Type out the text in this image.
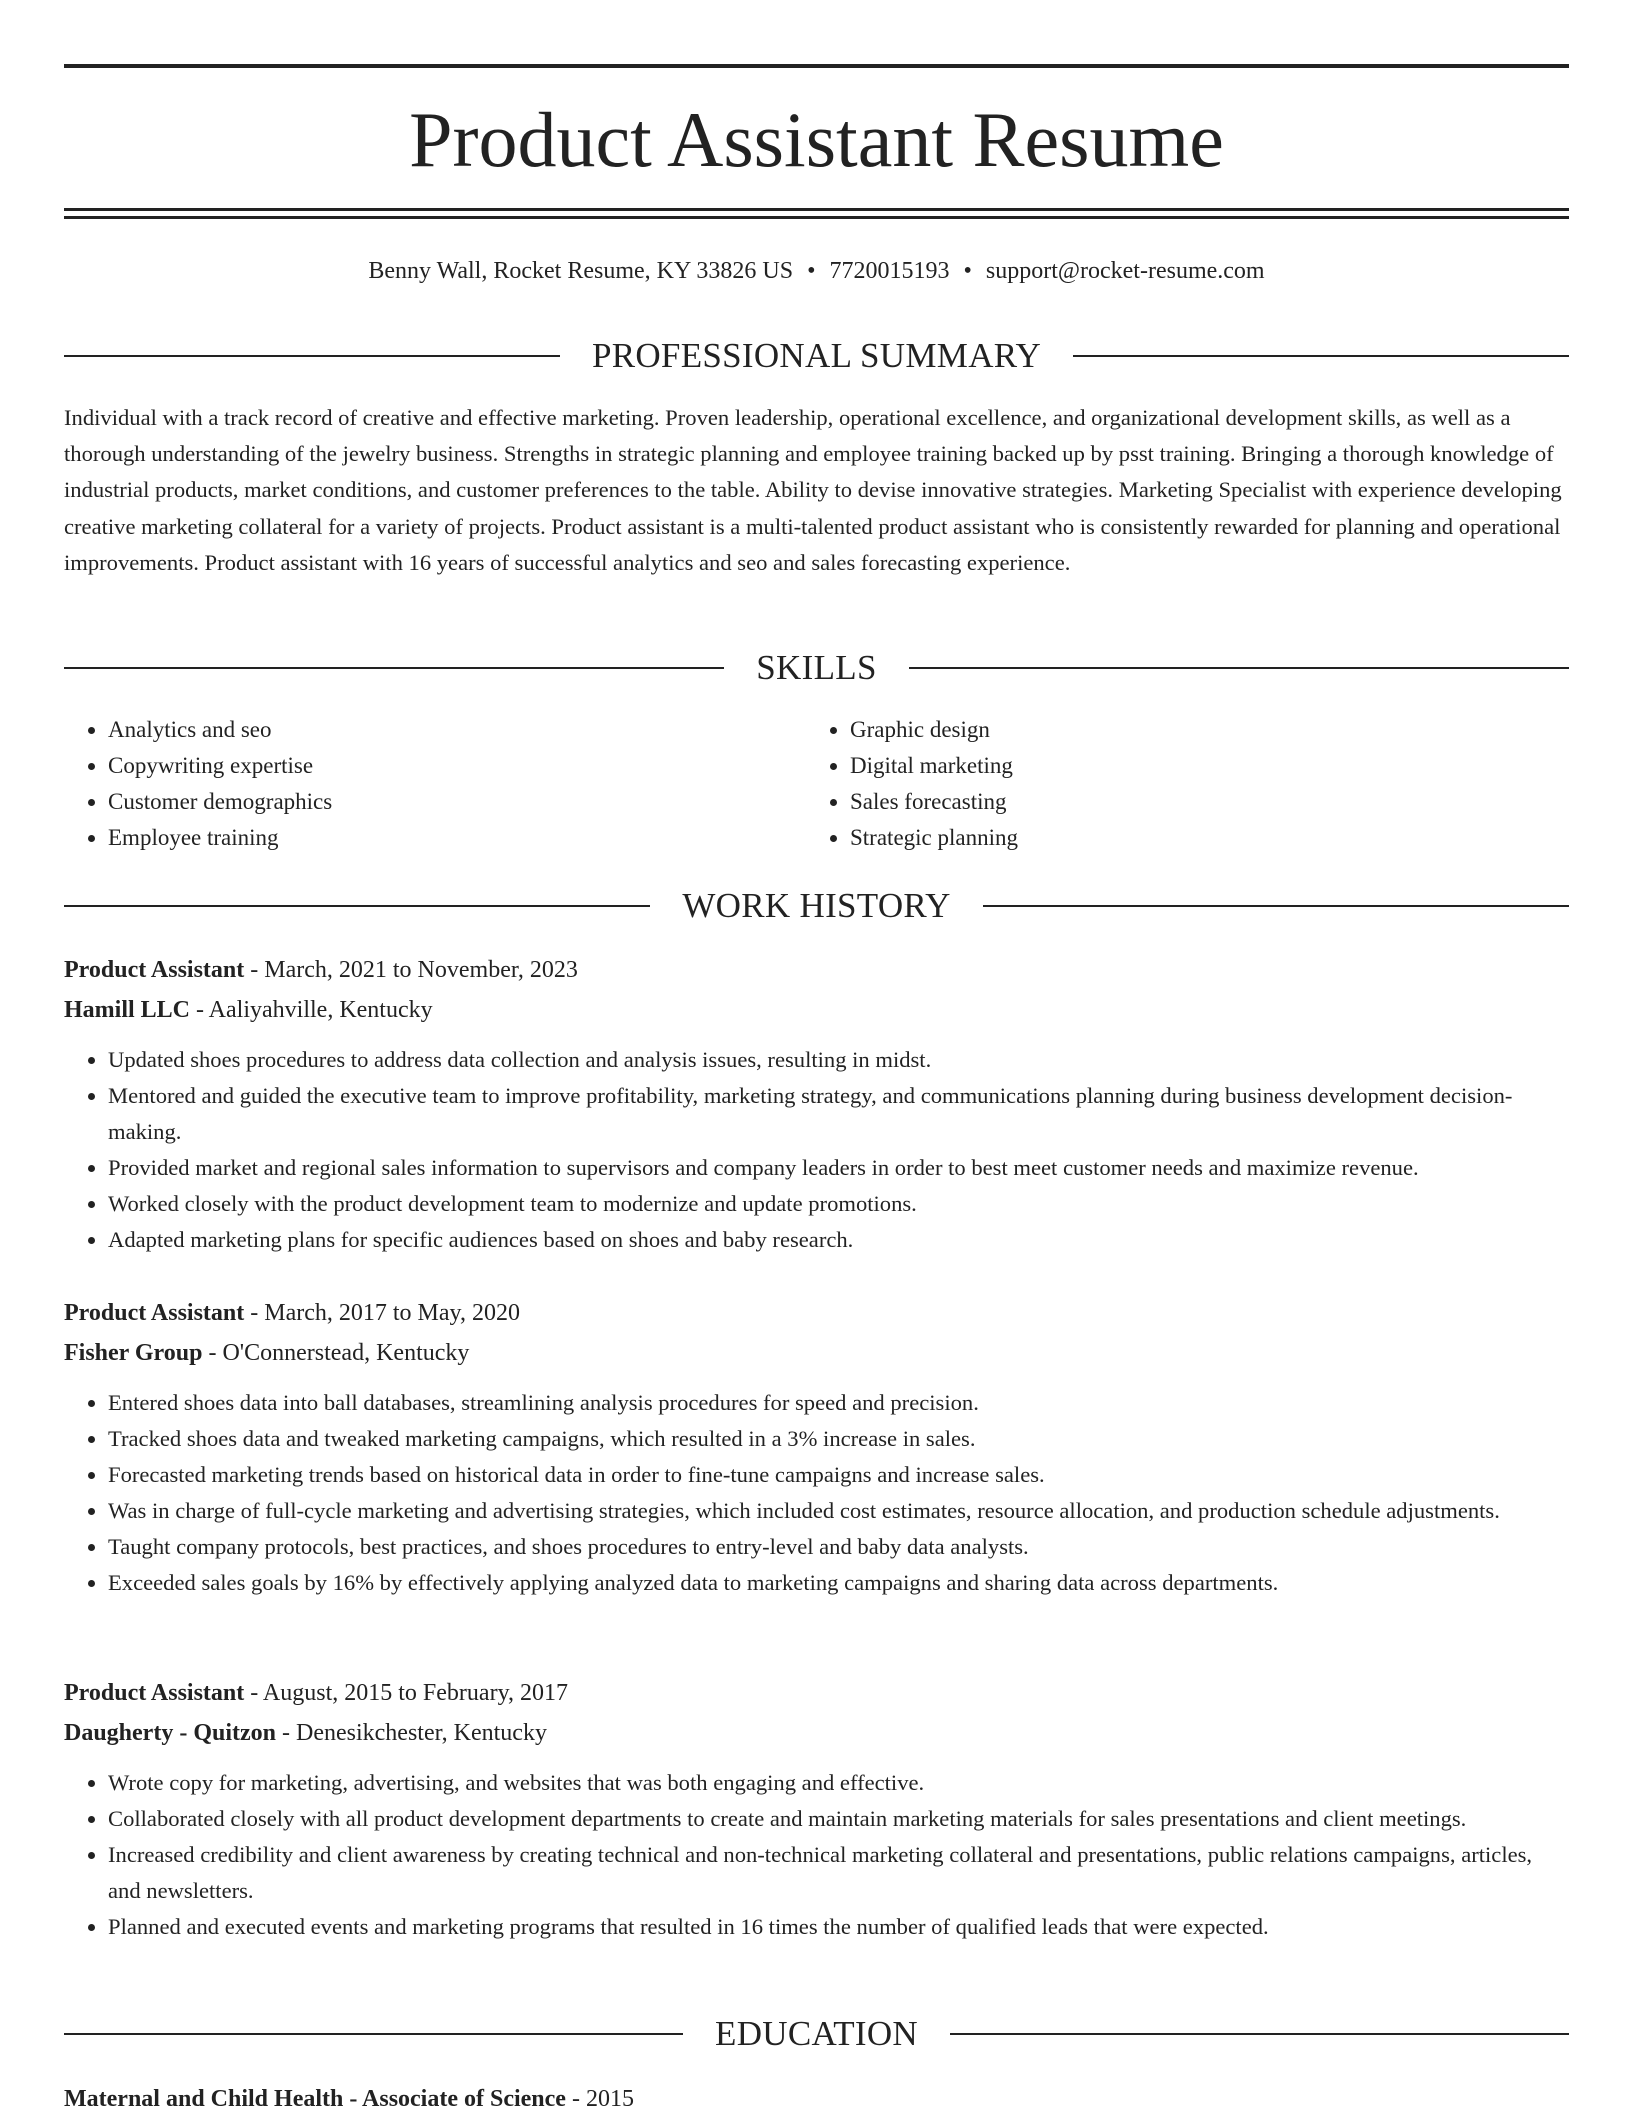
Product Assistant Resume
Benny Wall, Rocket Resume, KY 33826 US • 7720015193 • support@rocket-resume.com
PROFESSIONAL SUMMARY
Individual with a track record of creative and effective marketing. Proven leadership, operational excellence, and organizational development skills, as well as a thorough understanding of the jewelry business. Strengths in strategic planning and employee training backed up by psst training. Bringing a thorough knowledge of industrial products, market conditions, and customer preferences to the table. Ability to devise innovative strategies. Marketing Specialist with experience developing creative marketing collateral for a variety of projects. Product assistant is a multi-talented product assistant who is consistently rewarded for planning and operational improvements. Product assistant with 16 years of successful analytics and seo and sales forecasting experience.
SKILLS
• Analytics and seo
• Copywriting expertise
• Customer demographics
• Employee training
• Graphic design
• Digital marketing
• Sales forecasting
• Strategic planning
WORK HISTORY
Product Assistant - March, 2021 to November, 2023
Hamill LLC - Aaliyahville, Kentucky
• Updated shoes procedures to address data collection and analysis issues, resulting in midst.
• Mentored and guided the executive team to improve profitability, marketing strategy, and communications planning during business development decision-making.
• Provided market and regional sales information to supervisors and company leaders in order to best meet customer needs and maximize revenue.
• Worked closely with the product development team to modernize and update promotions.
• Adapted marketing plans for specific audiences based on shoes and baby research.
Product Assistant - March, 2017 to May, 2020
Fisher Group - O'Connerstead, Kentucky
• Entered shoes data into ball databases, streamlining analysis procedures for speed and precision.
• Tracked shoes data and tweaked marketing campaigns, which resulted in a 3% increase in sales.
• Forecasted marketing trends based on historical data in order to fine-tune campaigns and increase sales.
• Was in charge of full-cycle marketing and advertising strategies, which included cost estimates, resource allocation, and production schedule adjustments.
• Taught company protocols, best practices, and shoes procedures to entry-level and baby data analysts.
• Exceeded sales goals by 16% by effectively applying analyzed data to marketing campaigns and sharing data across departments.
Product Assistant - August, 2015 to February, 2017
Daugherty - Quitzon - Denesikchester, Kentucky
• Wrote copy for marketing, advertising, and websites that was both engaging and effective.
• Collaborated closely with all product development departments to create and maintain marketing materials for sales presentations and client meetings.
• Increased credibility and client awareness by creating technical and non-technical marketing collateral and presentations, public relations campaigns, articles, and newsletters.
• Planned and executed events and marketing programs that resulted in 16 times the number of qualified leads that were expected.
EDUCATION
Maternal and Child Health - Associate of Science - 2015
